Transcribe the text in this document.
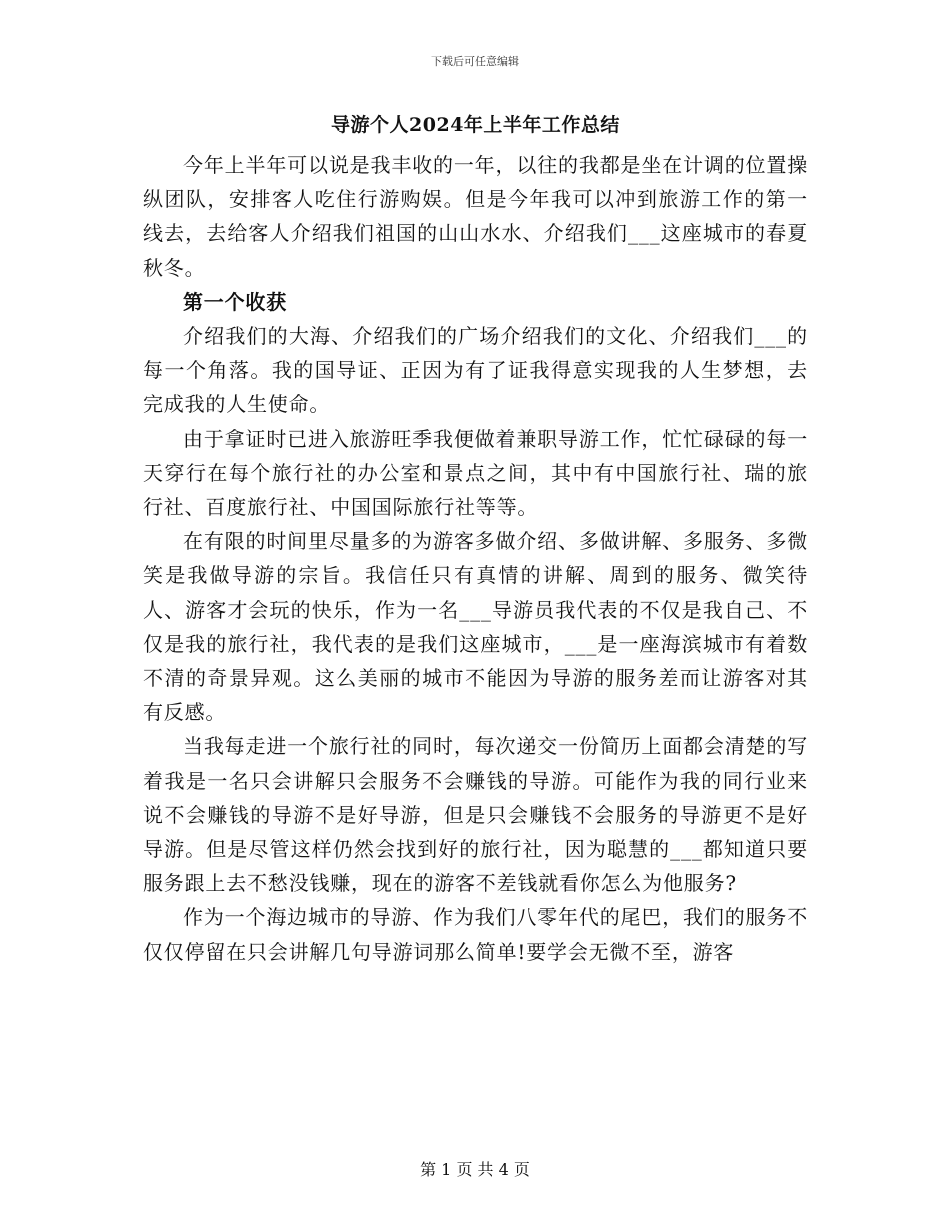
下载后可任意编辑
导游个人2024年上半年工作总结

今年上半年可以说是我丰收的一年，以往的我都是坐在计调的位置操纵团队，安排客人吃住行游购娱。但是今年我可以冲到旅游工作的第一线去，去给客人介绍我们祖国的山山水水、介绍我们___这座城市的春夏秋冬。

第一个收获

介绍我们的大海、介绍我们的广场介绍我们的文化、介绍我们___的每一个角落。我的国导证、正因为有了证我得意实现我的人生梦想，去完成我的人生使命。

由于拿证时已进入旅游旺季我便做着兼职导游工作，忙忙碌碌的每一天穿行在每个旅行社的办公室和景点之间，其中有中国旅行社、瑞的旅行社、百度旅行社、中国国际旅行社等等。

在有限的时间里尽量多的为游客多做介绍、多做讲解、多服务、多微笑是我做导游的宗旨。我信任只有真情的讲解、周到的服务、微笑待人、游客才会玩的快乐，作为一名___导游员我代表的不仅是我自己、不仅是我的旅行社，我代表的是我们这座城市，___是一座海滨城市有着数不清的奇景异观。这么美丽的城市不能因为导游的服务差而让游客对其有反感。

当我每走进一个旅行社的同时，每次递交一份简历上面都会清楚的写着我是一名只会讲解只会服务不会赚钱的导游。可能作为我的同行业来说不会赚钱的导游不是好导游，但是只会赚钱不会服务的导游更不是好导游。但是尽管这样仍然会找到好的旅行社，因为聪慧的___都知道只要服务跟上去不愁没钱赚，现在的游客不差钱就看你怎么为他服务?

作为一个海边城市的导游、作为我们八零年代的尾巴，我们的服务不仅仅停留在只会讲解几句导游词那么简单!要学会无微不至，游客

第 1 页 共 4 页
